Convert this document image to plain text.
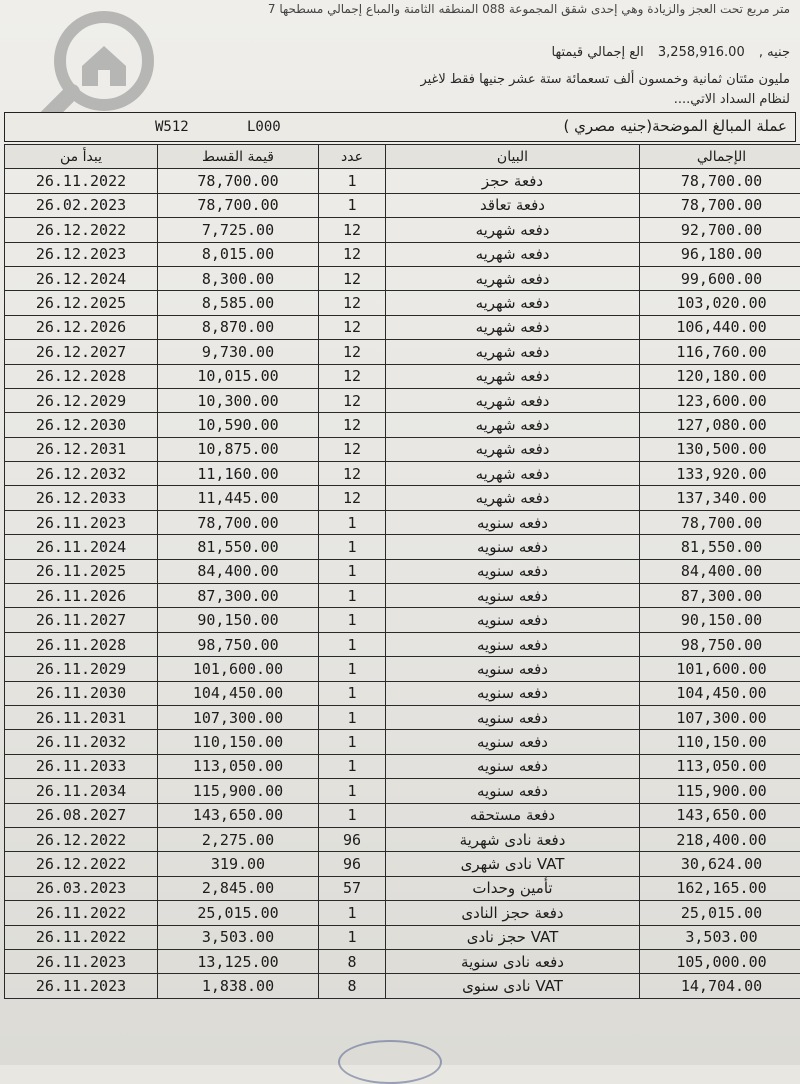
متر مربع تحت العجز والزيادة وهي إحدى شقق المجموعة 088 المنطقه الثامنة والمباع إجمالي مسطحها 7
جنيه , 3,258,916.00 الع إجمالي قيمتها
مليون مئتان ثمانية وخمسون ألف تسعمائة ستة عشر جنيها فقط لاغير
لنظام السداد الاتي....
W512	L000	عملة المبالغ الموضحة(جنيه مصري )
يبدأ من	قيمة القسط	عدد	البيان	الإجمالي
26.11.2022	78,700.00	1	دفعة حجز	78,700.00
26.02.2023	78,700.00	1	دفعة تعاقد	78,700.00
26.12.2022	7,725.00	12	دفعه شهريه	92,700.00
26.12.2023	8,015.00	12	دفعه شهريه	96,180.00
26.12.2024	8,300.00	12	دفعه شهريه	99,600.00
26.12.2025	8,585.00	12	دفعه شهريه	103,020.00
26.12.2026	8,870.00	12	دفعه شهريه	106,440.00
26.12.2027	9,730.00	12	دفعه شهريه	116,760.00
26.12.2028	10,015.00	12	دفعه شهريه	120,180.00
26.12.2029	10,300.00	12	دفعه شهريه	123,600.00
26.12.2030	10,590.00	12	دفعه شهريه	127,080.00
26.12.2031	10,875.00	12	دفعه شهريه	130,500.00
26.12.2032	11,160.00	12	دفعه شهريه	133,920.00
26.12.2033	11,445.00	12	دفعه شهريه	137,340.00
26.11.2023	78,700.00	1	دفعه سنويه	78,700.00
26.11.2024	81,550.00	1	دفعه سنويه	81,550.00
26.11.2025	84,400.00	1	دفعه سنويه	84,400.00
26.11.2026	87,300.00	1	دفعه سنويه	87,300.00
26.11.2027	90,150.00	1	دفعه سنويه	90,150.00
26.11.2028	98,750.00	1	دفعه سنويه	98,750.00
26.11.2029	101,600.00	1	دفعه سنويه	101,600.00
26.11.2030	104,450.00	1	دفعه سنويه	104,450.00
26.11.2031	107,300.00	1	دفعه سنويه	107,300.00
26.11.2032	110,150.00	1	دفعه سنويه	110,150.00
26.11.2033	113,050.00	1	دفعه سنويه	113,050.00
26.11.2034	115,900.00	1	دفعه سنويه	115,900.00
26.08.2027	143,650.00	1	دفعة مستحقه	143,650.00
26.12.2022	2,275.00	96	دفعة نادى شهرية	218,400.00
26.12.2022	319.00	96	VAT نادى شهرى	30,624.00
26.03.2023	2,845.00	57	تأمين وحدات	162,165.00
26.11.2022	25,015.00	1	دفعة حجز النادى	25,015.00
26.11.2022	3,503.00	1	VAT حجز نادى	3,503.00
26.11.2023	13,125.00	8	دفعه نادى سنوية	105,000.00
26.11.2023	1,838.00	8	VAT نادى سنوى	14,704.00
